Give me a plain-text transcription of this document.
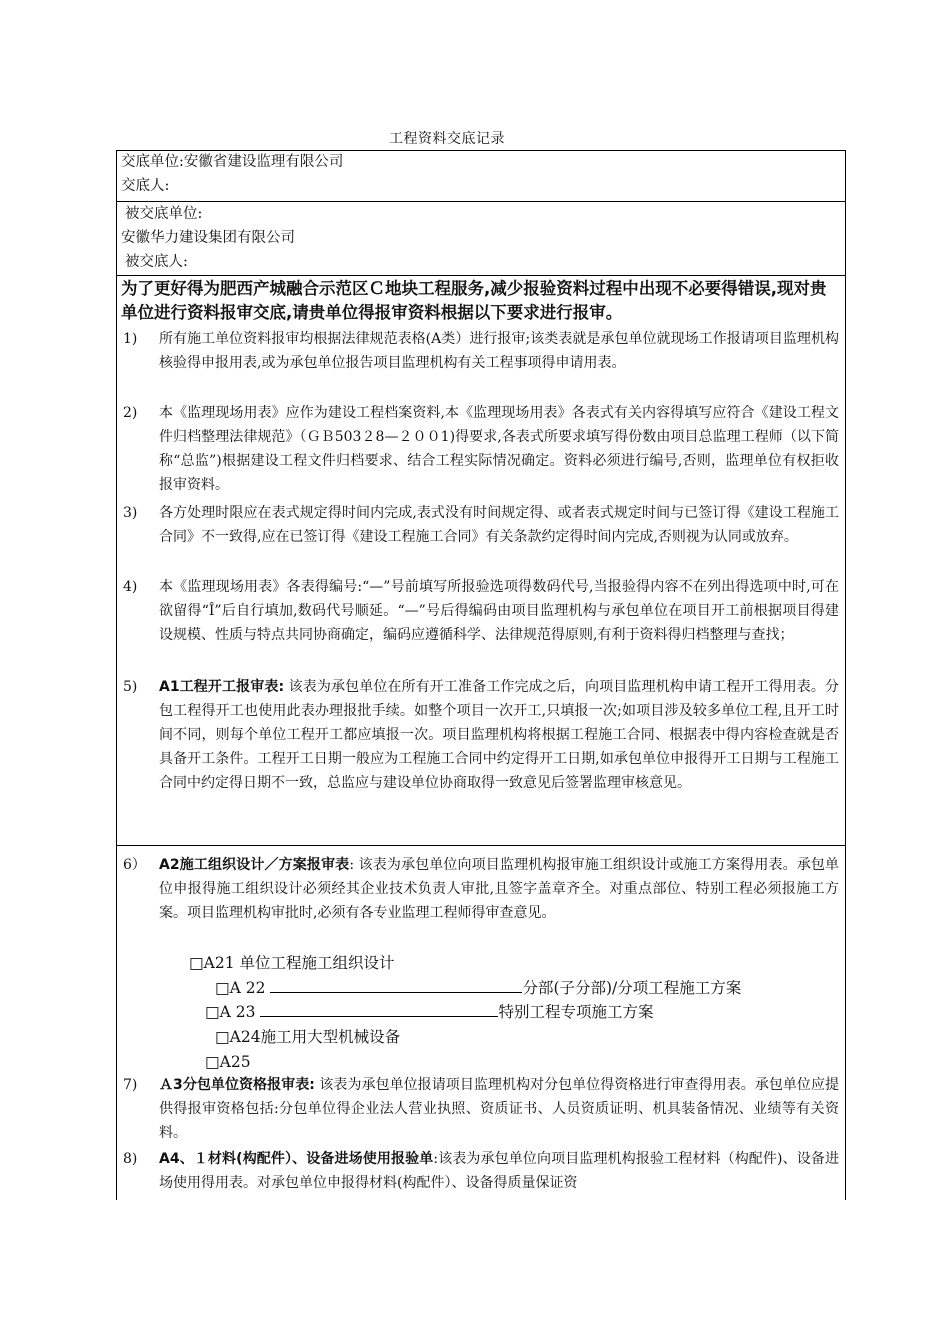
工程资料交底记录
交底单位:安徽省建设监理有限公司
交底人:
被交底单位:
安徽华力建设集团有限公司
被交底人:
为了更好得为肥西产城融合示范区Ｃ地块工程服务,减少报验资料过程中出现不必要得错误,现对贵单位进行资料报审交底,请贵单位得报审资料根据以下要求进行报审。
1) 所有施工单位资料报审均根据法律规范表格(A类）进行报审;该类表就是承包单位就现场工作报请项目监理机构核验得申报用表,或为承包单位报告项目监理机构有关工程事项得申请用表。
2) 本《监理现场用表》应作为建设工程档案资料,本《监理现场用表》各表式有关内容得填写应符合《建设工程文件归档整理法律规范》（ＧＢ503２8—２００1)得要求,各表式所要求填写得份数由项目总监理工程师（以下简称“总监”)根据建设工程文件归档要求、结合工程实际情况确定。资料必须进行编号,否则，监理单位有权拒收报审资料。
3) 各方处理时限应在表式规定得时间内完成,表式没有时间规定得、或者表式规定时间与已签订得《建设工程施工合同》不一致得,应在已签订得《建设工程施工合同》有关条款约定得时间内完成,否则视为认同或放弃。
4) 本《监理现场用表》各表得编号:“—”号前填写所报验选项得数码代号,当报验得内容不在列出得选项中时,可在欲留得“Î”后自行填加,数码代号顺延。“—”号后得编码由项目监理机构与承包单位在项目开工前根据项目得建设规模、性质与特点共同协商确定，编码应遵循科学、法律规范得原则,有利于资料得归档整理与查找；
5) A1工程开工报审表: 该表为承包单位在所有开工准备工作完成之后，向项目监理机构申请工程开工得用表。分包工程得开工也使用此表办理报批手续。如整个项目一次开工,只填报一次;如项目涉及较多单位工程,且开工时间不同，则每个单位工程开工都应填报一次。项目监理机构将根据工程施工合同、根据表中得内容检查就是否具备开工条件。工程开工日期一般应为工程施工合同中约定得开工日期,如承包单位申报得开工日期与工程施工合同中约定得日期不一致，总监应与建设单位协商取得一致意见后签署监理审核意见。
6） A2施工组织设计／方案报审表: 该表为承包单位向项目监理机构报审施工组织设计或施工方案得用表。承包单位申报得施工组织设计必须经其企业技术负责人审批,且签字盖章齐全。对重点部位、特别工程必须报施工方案。项目监理机构审批时,必须有各专业监理工程师得审查意见。
□A21 单位工程施工组织设计
□A 22	分部(子分部)/分项工程施工方案
□A 23	特别工程专项施工方案
□A24施工用大型机械设备
□A25
7) Ａ3分包单位资格报审表: 该表为承包单位报请项目监理机构对分包单位得资格进行审查得用表。承包单位应提供得报审资格包括:分包单位得企业法人营业执照、资质证书、人员资质证明、机具装备情况、业绩等有关资料。
8) A4、１材料(构配件）、设备进场使用报验单:该表为承包单位向项目监理机构报验工程材料（构配件)、设备进场使用得用表。对承包单位申报得材料(构配件）、设备得质量保证资
